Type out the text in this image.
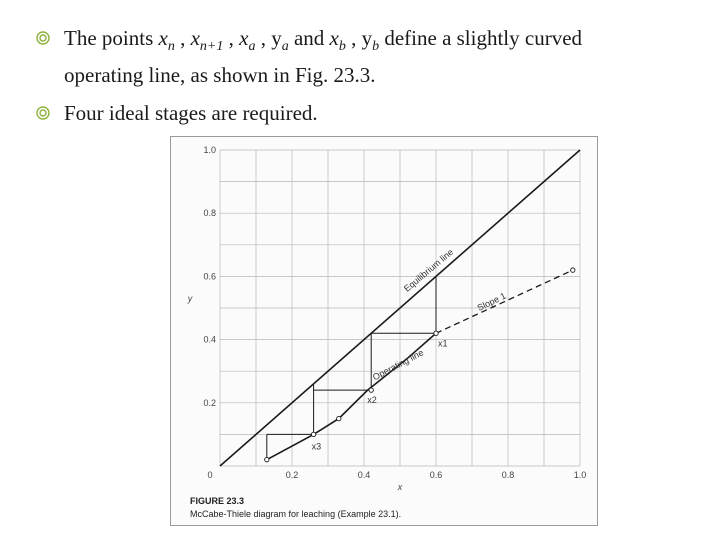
The points $x_n$ , $x_{n+1}$ , $x_a$ , $y_a$ and $x_b$ , $y_b$ define a slightly curved operating line, as shown in Fig. 23.3.
Four ideal stages are required.
0	0.2	0.4	0.6	0.8	1.0
0.2
0.4
0.6
0.8
1.0
x
y
x1
x2
x3
Equilibrium line
Operating line
Slope 1
FIGURE 23.3
McCabe-Thiele diagram for leaching (Example 23.1).
